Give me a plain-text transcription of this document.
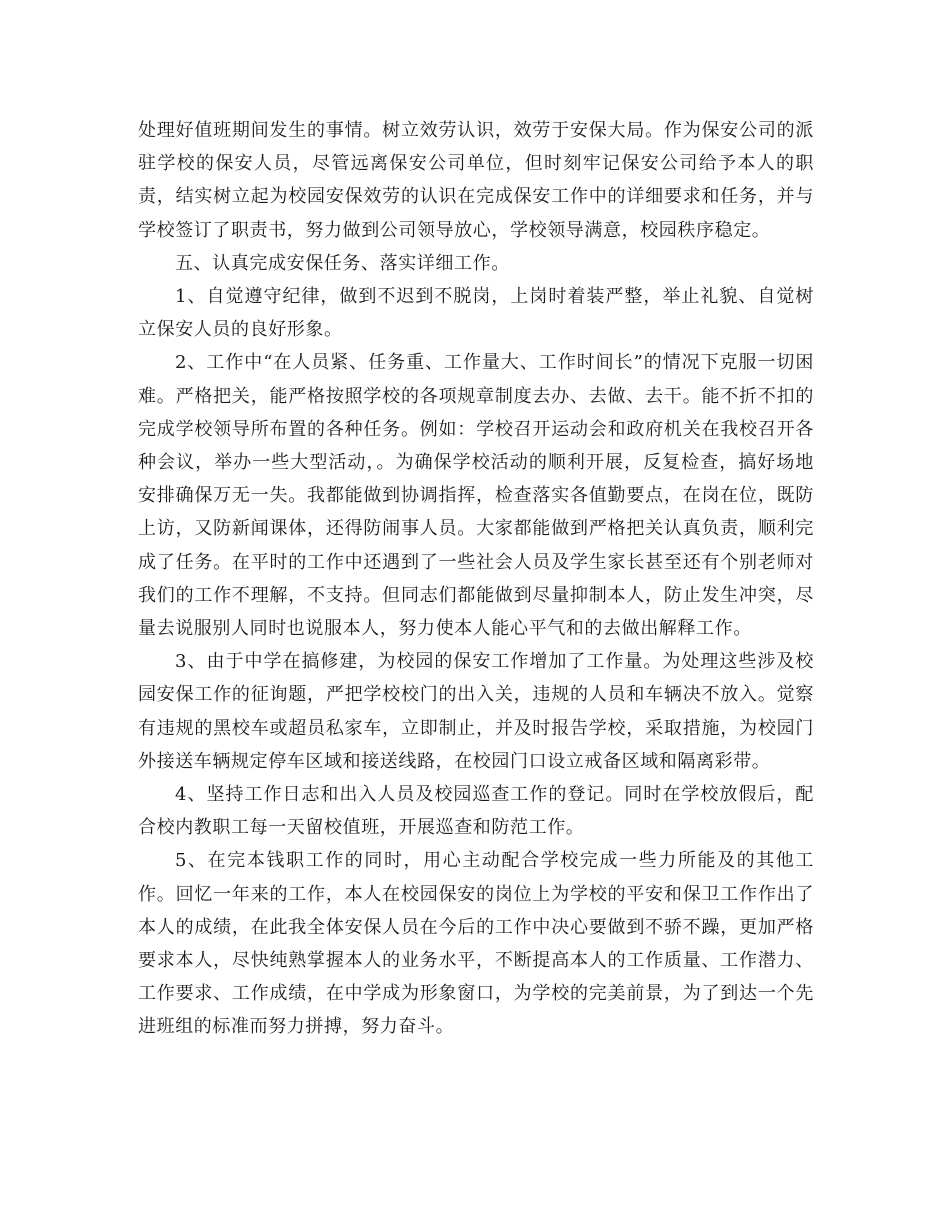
处理好值班期间发生的事情。树立效劳认识，效劳于安保大局。作为保安公司的派驻学校的保安人员，尽管远离保安公司单位，但时刻牢记保安公司给予本人的职责，结实树立起为校园安保效劳的认识在完成保安工作中的详细要求和任务，并与学校签订了职责书，努力做到公司领导放心，学校领导满意，校园秩序稳定。

五、认真完成安保任务、落实详细工作。

1、自觉遵守纪律，做到不迟到不脱岗，上岗时着装严整，举止礼貌、自觉树立保安人员的良好形象。

2、工作中“在人员紧、任务重、工作量大、工作时间长”的情况下克服一切困难。严格把关，能严格按照学校的各项规章制度去办、去做、去干。能不折不扣的完成学校领导所布置的各种任务。例如：学校召开运动会和政府机关在我校召开各种会议，举办一些大型活动，。为确保学校活动的顺利开展，反复检查，搞好场地安排确保万无一失。我都能做到协调指挥，检查落实各值勤要点，在岗在位，既防上访，又防新闻课体，还得防闹事人员。大家都能做到严格把关认真负责，顺利完成了任务。在平时的工作中还遇到了一些社会人员及学生家长甚至还有个别老师对我们的工作不理解，不支持。但同志们都能做到尽量抑制本人，防止发生冲突，尽量去说服别人同时也说服本人，努力使本人能心平气和的去做出解释工作。

3、由于中学在搞修建，为校园的保安工作增加了工作量。为处理这些涉及校园安保工作的征询题，严把学校校门的出入关，违规的人员和车辆决不放入。觉察有违规的黑校车或超员私家车，立即制止，并及时报告学校，采取措施，为校园门外接送车辆规定停车区域和接送线路，在校园门口设立戒备区域和隔离彩带。

4、坚持工作日志和出入人员及校园巡查工作的登记。同时在学校放假后，配合校内教职工每一天留校值班，开展巡查和防范工作。

5、在完本钱职工作的同时，用心主动配合学校完成一些力所能及的其他工作。回忆一年来的工作，本人在校园保安的岗位上为学校的平安和保卫工作作出了本人的成绩，在此我全体安保人员在今后的工作中决心要做到不骄不躁，更加严格要求本人，尽快纯熟掌握本人的业务水平，不断提高本人的工作质量、工作潜力、工作要求、工作成绩，在中学成为形象窗口，为学校的完美前景，为了到达一个先进班组的标准而努力拼搏，努力奋斗。
